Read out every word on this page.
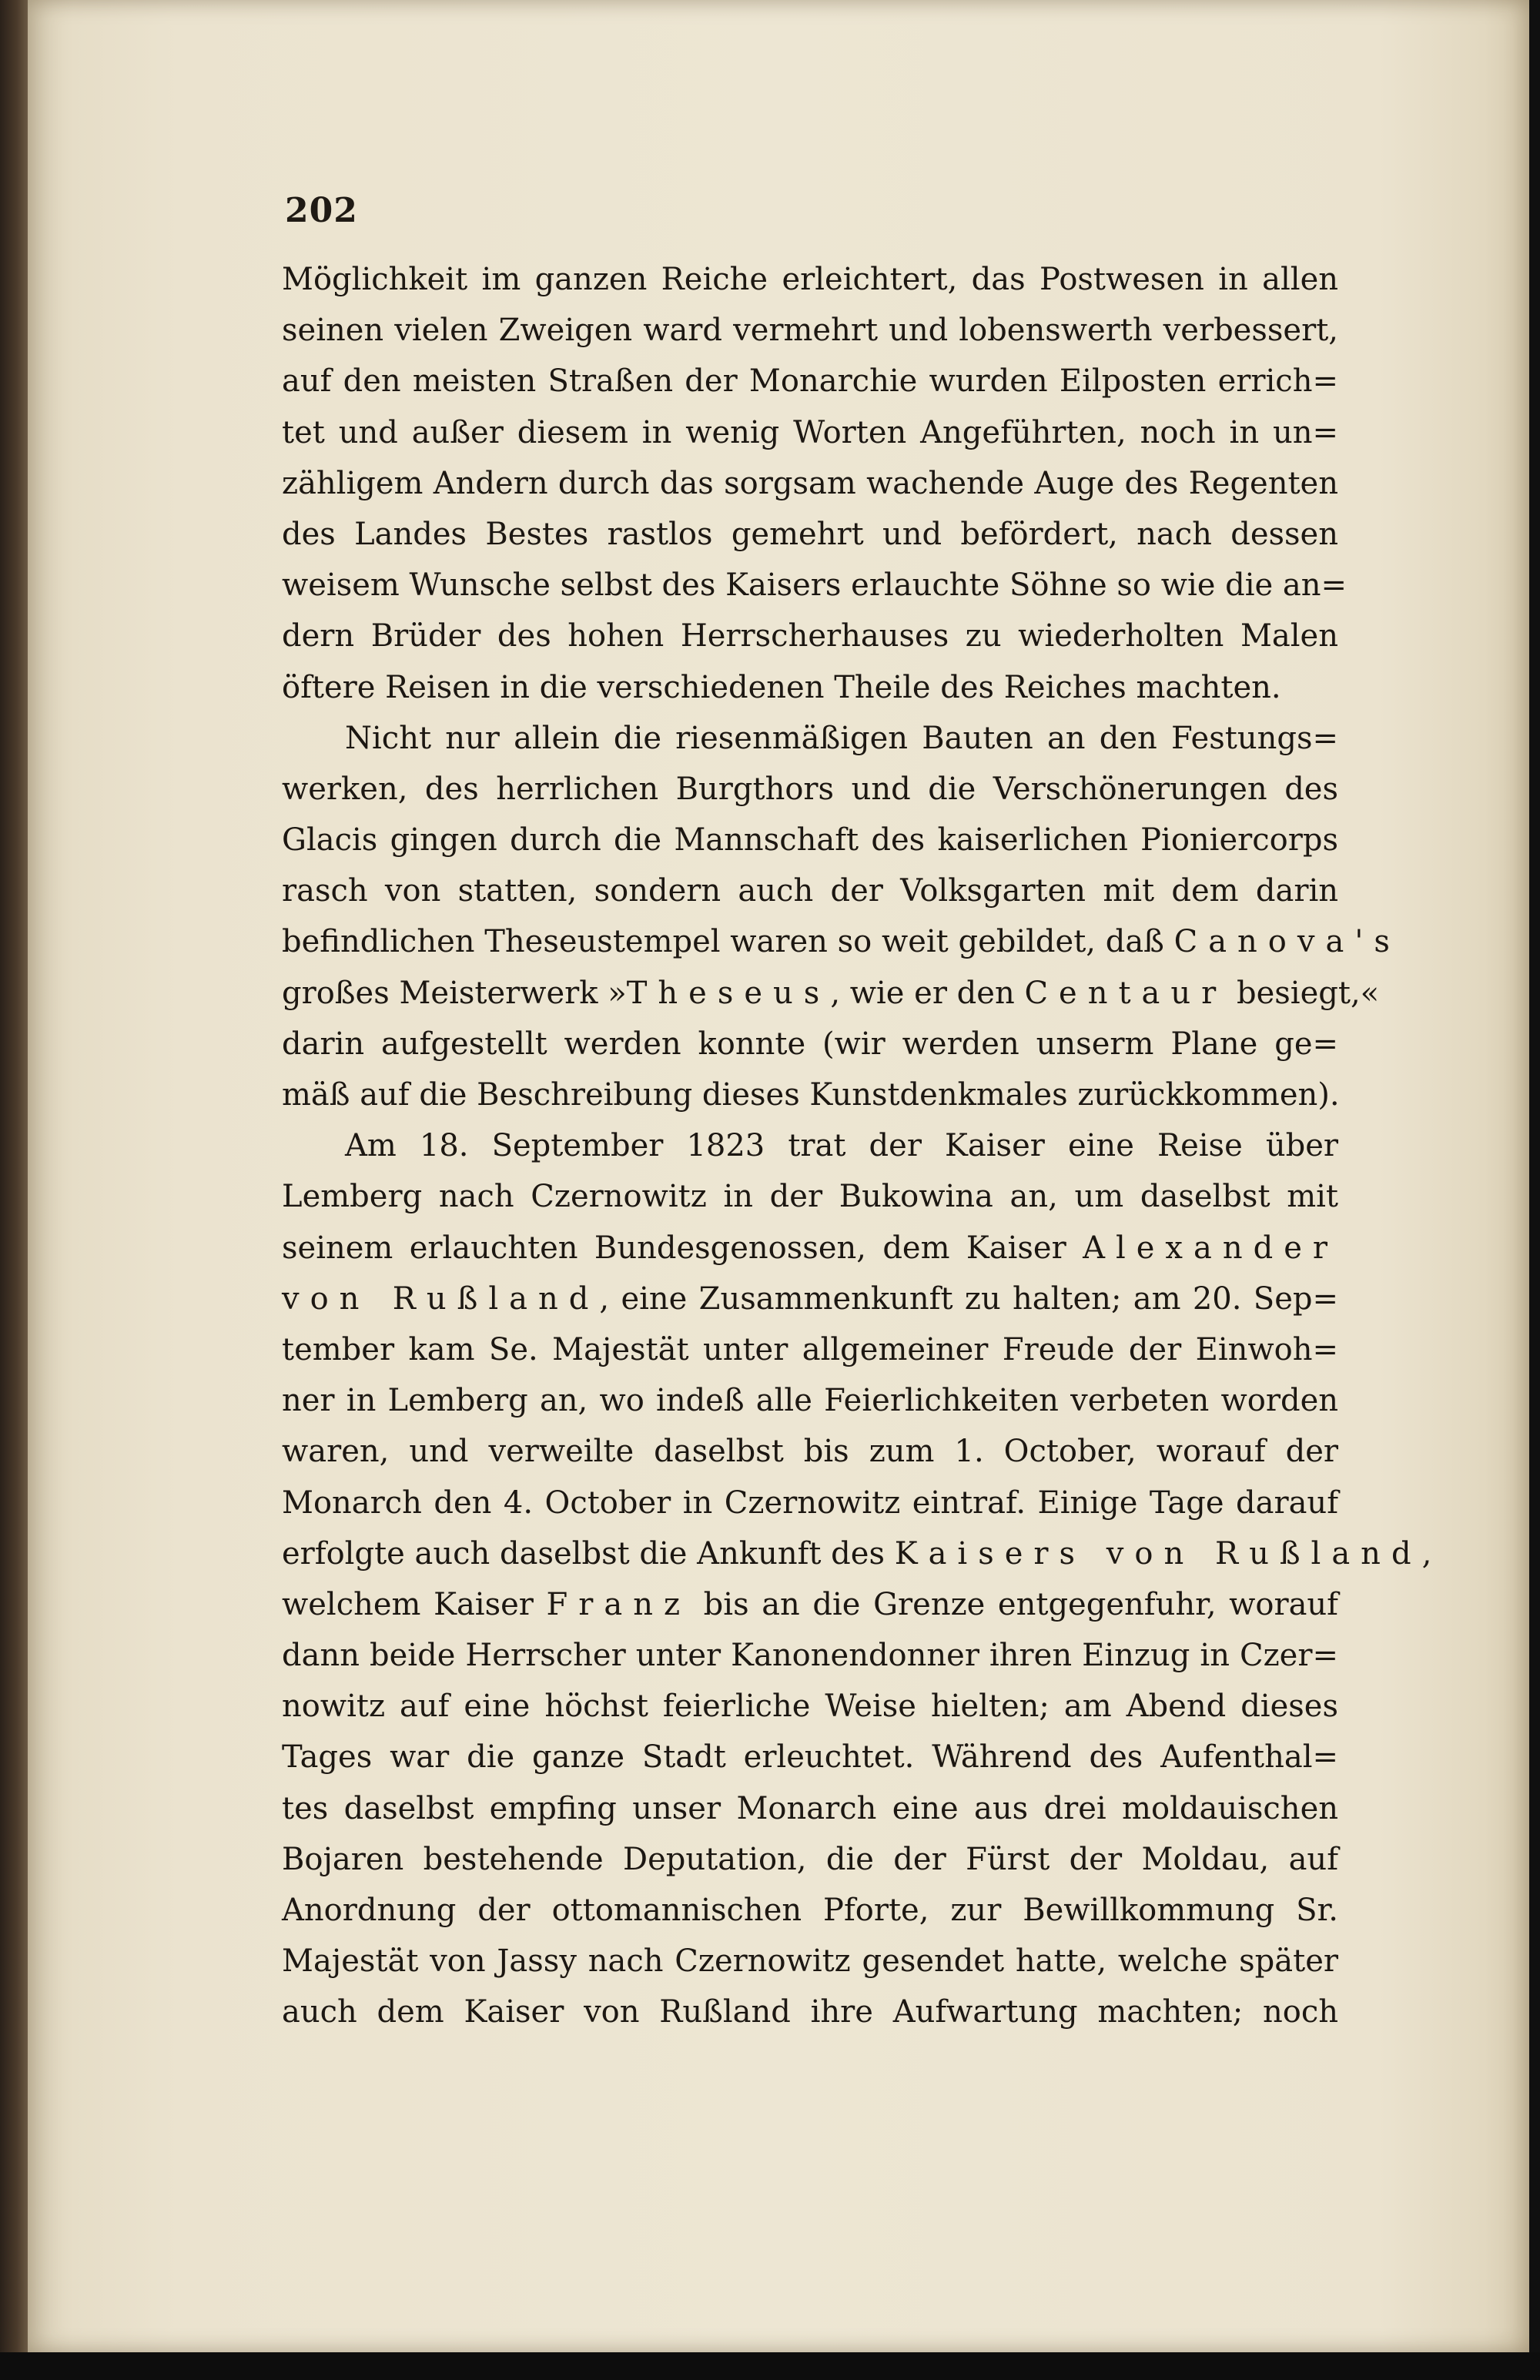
202
Möglichkeit im ganzen Reiche erleichtert, das Postwesen in allen
seinen vielen Zweigen ward vermehrt und lobenswerth verbessert,
auf den meisten Straßen der Monarchie wurden Eilposten errich=
tet und außer diesem in wenig Worten Angeführten, noch in un=
zähligem Andern durch das sorgsam wachende Auge des Regenten
des Landes Bestes rastlos gemehrt und befördert, nach dessen
weisem Wunsche selbst des Kaisers erlauchte Söhne so wie die an=
dern Brüder des hohen Herrscherhauses zu wiederholten Malen
öftere Reisen in die verschiedenen Theile des Reiches machten.
Nicht nur allein die riesenmäßigen Bauten an den Festungs=
werken, des herrlichen Burgthors und die Verschönerungen des
Glacis gingen durch die Mannschaft des kaiserlichen Pioniercorps
rasch von statten, sondern auch der Volksgarten mit dem darin
befindlichen Theseustempel waren so weit gebildet, daß Canova's
großes Meisterwerk »Theseus, wie er den Centaur besiegt,«
darin aufgestellt werden konnte (wir werden unserm Plane ge=
mäß auf die Beschreibung dieses Kunstdenkmales zurückkommen).
Am 18. September 1823 trat der Kaiser eine Reise über
Lemberg nach Czernowitz in der Bukowina an, um daselbst mit
seinem erlauchten Bundesgenossen, dem Kaiser Alexander
von Rußland, eine Zusammenkunft zu halten; am 20. Sep=
tember kam Se. Majestät unter allgemeiner Freude der Einwoh=
ner in Lemberg an, wo indeß alle Feierlichkeiten verbeten worden
waren, und verweilte daselbst bis zum 1. October, worauf der
Monarch den 4. October in Czernowitz eintraf. Einige Tage darauf
erfolgte auch daselbst die Ankunft des Kaisers von Rußland,
welchem Kaiser Franz bis an die Grenze entgegenfuhr, worauf
dann beide Herrscher unter Kanonendonner ihren Einzug in Czer=
nowitz auf eine höchst feierliche Weise hielten; am Abend dieses
Tages war die ganze Stadt erleuchtet. Während des Aufenthal=
tes daselbst empfing unser Monarch eine aus drei moldauischen
Bojaren bestehende Deputation, die der Fürst der Moldau, auf
Anordnung der ottomannischen Pforte, zur Bewillkommung Sr.
Majestät von Jassy nach Czernowitz gesendet hatte, welche später
auch dem Kaiser von Rußland ihre Aufwartung machten; noch
